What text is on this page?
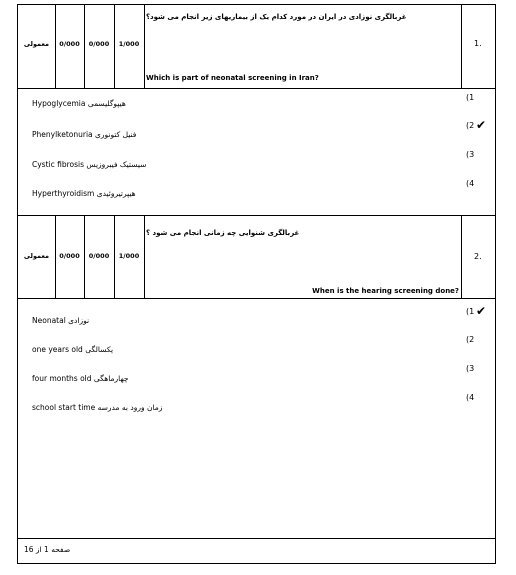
معمولی	0/000	0/000	1/000
غربالگری نوزادی در ایران در مورد کدام یک از بیماریهای زیر انجام می شود؟
Which is part of neonatal screening in Iran?
1.
Hypoglycemia هیپوگلیسمی
Phenylketonuria فنیل کتونوری
Cystic fibrosis سیستیک فیبروزیس
Hyperthyroidism هیپرتیروئیدی
(1
(2 ✔
(3
(4
معمولی	0/000	0/000	1/000
غربالگری شنوایی چه زمانی انجام می شود ؟
When is the hearing screening done?
2.
Neonatal نوزادی
one years old یکسالگی
four months old چهارماهگی
school start time زمان ورود به مدرسه
(1 ✔
(2
(3
(4
صفحه 1 از 16
